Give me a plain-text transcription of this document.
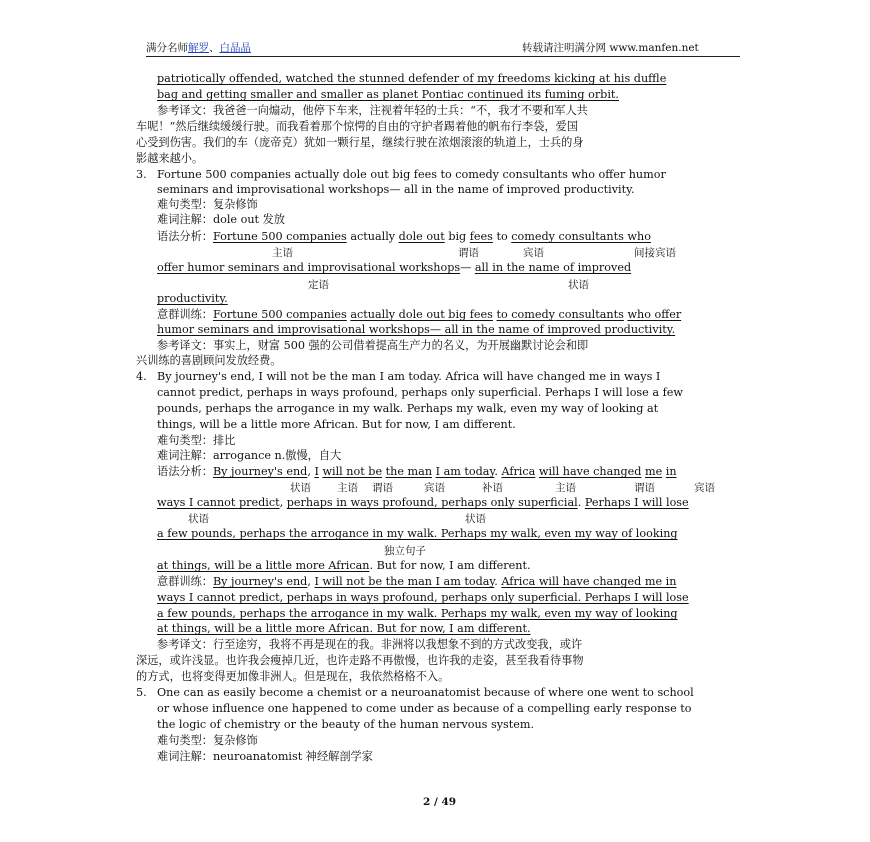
满分名师解罗、白晶晶	转载请注明满分网 www.manfen.net
patriotically offended, watched the stunned defender of my freedoms kicking at his duffle
bag and getting smaller and smaller as planet Pontiac continued its fuming orbit.
参考译文：我爸爸一向煽动，他停下车来，注视着年轻的士兵：“不，我才不要和军人共
车呢！”然后继续缓缓行驶。而我看着那个惊愕的自由的守护者踢着他的帆布行李袋，爱国
心受到伤害。我们的车（庞帝克）犹如一颗行星，继续行驶在浓烟滚滚的轨道上，士兵的身
影越来越小。
3. Fortune 500 companies actually dole out big fees to comedy consultants who offer humor
seminars and improvisational workshops— all in the name of improved productivity.
难句类型：复杂修饰
难词注解：dole out 发放
语法分析：Fortune 500 companies actually dole out big fees to comedy consultants who
主语	谓语	宾语	间接宾语
offer humor seminars and improvisational workshops— all in the name of improved
定语	状语
productivity.
意群训练：Fortune 500 companies actually dole out big fees to comedy consultants who offer
humor seminars and improvisational workshops— all in the name of improved productivity.
参考译文：事实上，财富 500 强的公司借着提高生产力的名义，为开展幽默讨论会和即
兴训练的喜剧顾问发放经费。
4. By journey's end, I will not be the man I am today. Africa will have changed me in ways I
cannot predict, perhaps in ways profound, perhaps only superficial. Perhaps I will lose a few
pounds, perhaps the arrogance in my walk. Perhaps my walk, even my way of looking at
things, will be a little more African. But for now, I am different.
难句类型：排比
难词注解：arrogance n.傲慢，自大
语法分析：By journey's end, I will not be the man I am today. Africa will have changed me in
状语 主语 谓语	宾语	补语	主语	谓语	宾语
ways I cannot predict, perhaps in ways profound, perhaps only superficial. Perhaps I will lose
状语	状语
a few pounds, perhaps the arrogance in my walk. Perhaps my walk, even my way of looking
独立句子
at things, will be a little more African. But for now, I am different.
意群训练：By journey's end, I will not be the man I am today. Africa will have changed me in
ways I cannot predict, perhaps in ways profound, perhaps only superficial. Perhaps I will lose
a few pounds, perhaps the arrogance in my walk. Perhaps my walk, even my way of looking
at things, will be a little more African. But for now, I am different.
参考译文：行至途穷，我将不再是现在的我。非洲将以我想象不到的方式改变我，或许
深远，或许浅显。也许我会瘦掉几近，也许走路不再傲慢，也许我的走姿，甚至我看待事物
的方式，也将变得更加像非洲人。但是现在，我依然格格不入。
5. One can as easily become a chemist or a neuroanatomist because of where one went to school
or whose influence one happened to come under as because of a compelling early response to
the logic of chemistry or the beauty of the human nervous system.
难句类型：复杂修饰
难词注解：neuroanatomist 神经解剖学家
2 / 49
